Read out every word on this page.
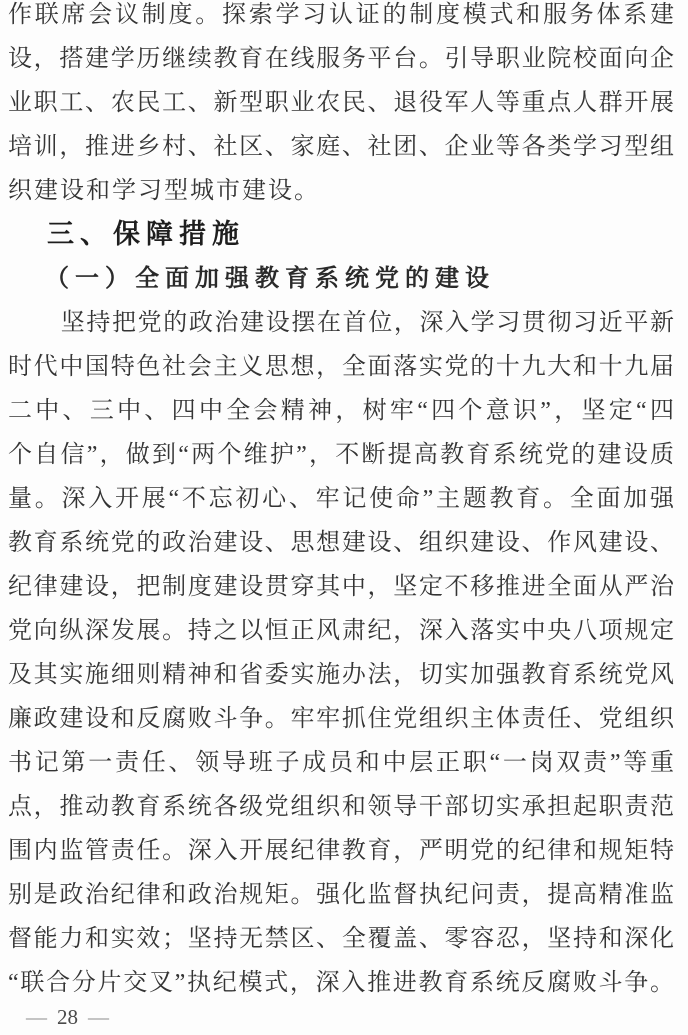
作联席会议制度。探索学习认证的制度模式和服务体系建
设，搭建学历继续教育在线服务平台。引导职业院校面向企
业职工、农民工、新型职业农民、退役军人等重点人群开展
培训，推进乡村、社区、家庭、社团、企业等各类学习型组
织建设和学习型城市建设。
三、保障措施
（一）全面加强教育系统党的建设
坚持把党的政治建设摆在首位，深入学习贯彻习近平新
时代中国特色社会主义思想，全面落实党的十九大和十九届
二中、三中、四中全会精神，树牢“四个意识”，坚定“四
个自信”，做到“两个维护”，不断提高教育系统党的建设质
量。深入开展“不忘初心、牢记使命”主题教育。全面加强
教育系统党的政治建设、思想建设、组织建设、作风建设、
纪律建设，把制度建设贯穿其中，坚定不移推进全面从严治
党向纵深发展。持之以恒正风肃纪，深入落实中央八项规定
及其实施细则精神和省委实施办法，切实加强教育系统党风
廉政建设和反腐败斗争。牢牢抓住党组织主体责任、党组织
书记第一责任、领导班子成员和中层正职“一岗双责”等重
点，推动教育系统各级党组织和领导干部切实承担起职责范
围内监管责任。深入开展纪律教育，严明党的纪律和规矩特
别是政治纪律和政治规矩。强化监督执纪问责，提高精准监
督能力和实效；坚持无禁区、全覆盖、零容忍，坚持和深化
“联合分片交叉”执纪模式，深入推进教育系统反腐败斗争。
— 28 —
